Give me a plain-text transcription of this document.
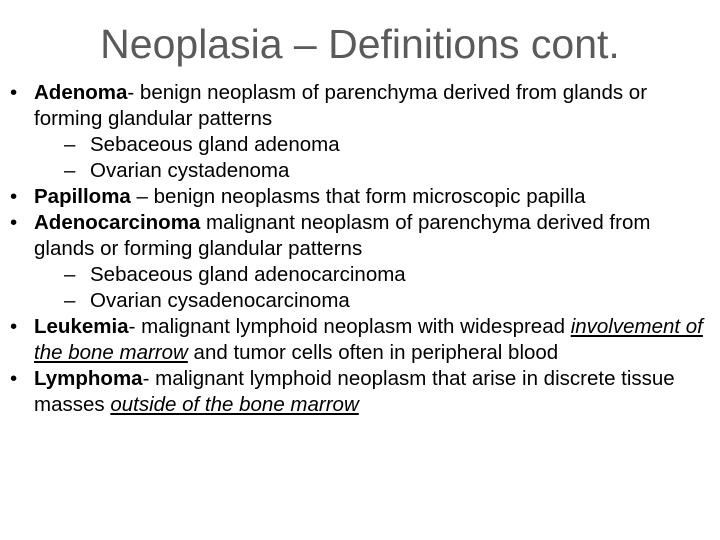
Neoplasia – Definitions cont.
• Adenoma- benign neoplasm of parenchyma derived from glands or forming glandular patterns
– Sebaceous gland adenoma
– Ovarian cystadenoma
• Papilloma – benign neoplasms that form microscopic papilla
• Adenocarcinoma malignant neoplasm of parenchyma derived from glands or forming glandular patterns
– Sebaceous gland adenocarcinoma
– Ovarian cysadenocarcinoma
• Leukemia- malignant lymphoid neoplasm with widespread involvement of the bone marrow and tumor cells often in peripheral blood
• Lymphoma- malignant lymphoid neoplasm that arise in discrete tissue masses outside of the bone marrow
